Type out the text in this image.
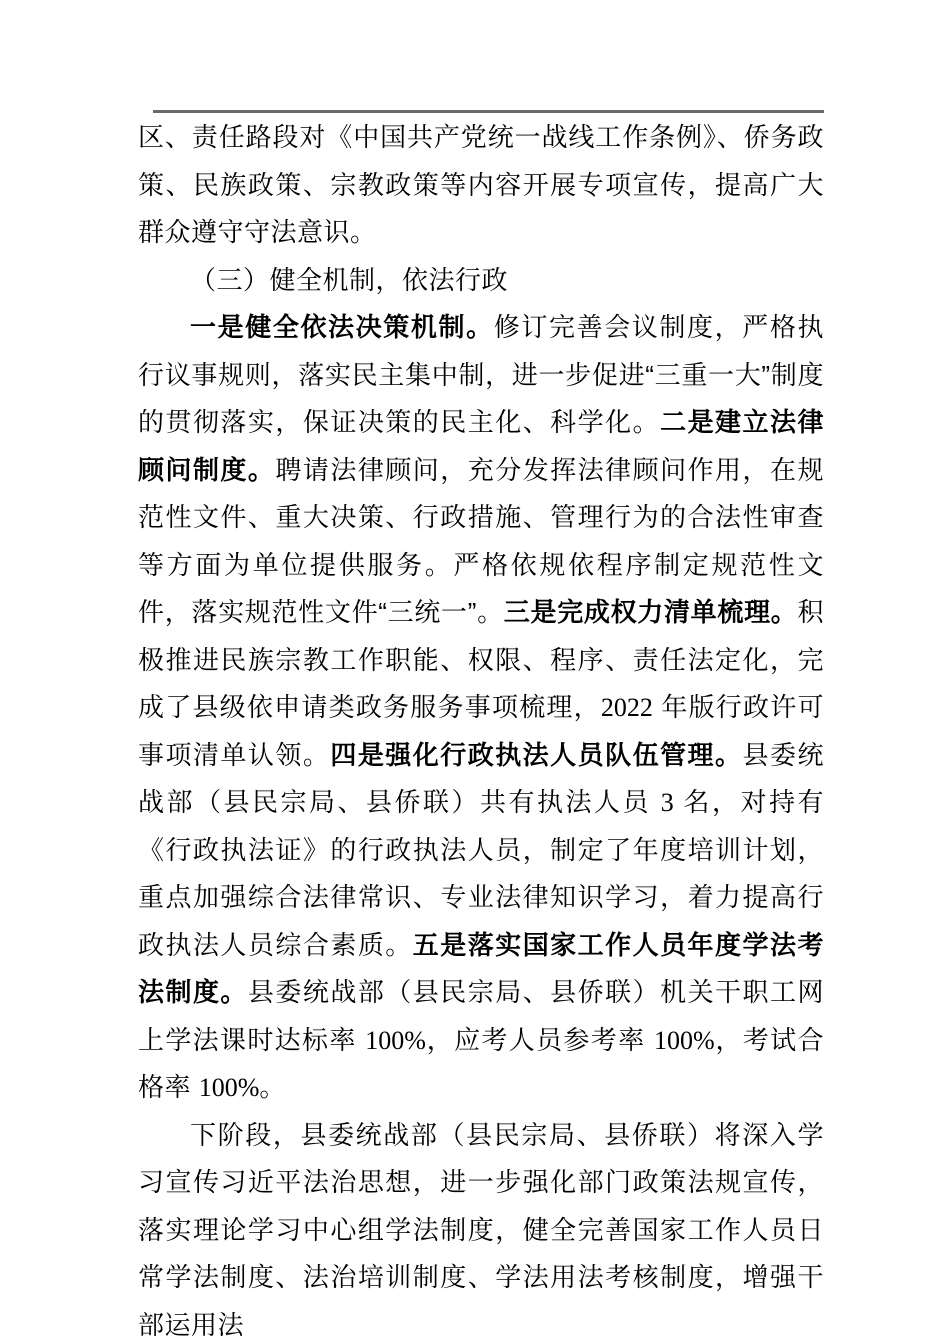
区、责任路段对《中国共产党统一战线工作条例》、侨务政策、民族政策、宗教政策等内容开展专项宣传，提高广大群众遵守守法意识。

（三）健全机制，依法行政

一是健全依法决策机制。修订完善会议制度，严格执行议事规则，落实民主集中制，进一步促进“三重一大”制度的贯彻落实，保证决策的民主化、科学化。二是建立法律顾问制度。聘请法律顾问，充分发挥法律顾问作用，在规范性文件、重大决策、行政措施、管理行为的合法性审查等方面为单位提供服务。严格依规依程序制定规范性文件，落实规范性文件“三统一”。三是完成权力清单梳理。积极推进民族宗教工作职能、权限、程序、责任法定化，完成了县级依申请类政务服务事项梳理，2022 年版行政许可事项清单认领。四是强化行政执法人员队伍管理。县委统战部（县民宗局、县侨联）共有执法人员 3 名，对持有《行政执法证》的行政执法人员，制定了年度培训计划，重点加强综合法律常识、专业法律知识学习，着力提高行政执法人员综合素质。五是落实国家工作人员年度学法考法制度。县委统战部（县民宗局、县侨联）机关干职工网上学法课时达标率 100%，应考人员参考率 100%，考试合格率 100%。

下阶段，县委统战部（县民宗局、县侨联）将深入学习宣传习近平法治思想，进一步强化部门政策法规宣传，落实理论学习中心组学法制度，健全完善国家工作人员日常学法制度、法治培训制度、学法用法考核制度，增强干部运用法
